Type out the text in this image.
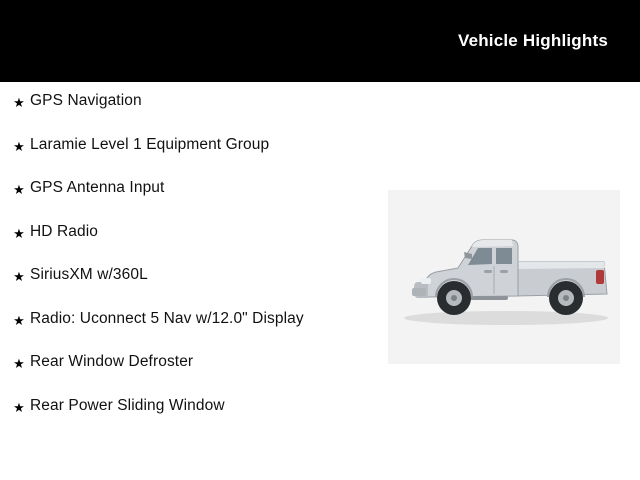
Vehicle Highlights
★ GPS Navigation
★ Laramie Level 1 Equipment Group
★ GPS Antenna Input
★ HD Radio
★ SiriusXM w/360L
★ Radio: Uconnect 5 Nav w/12.0" Display
★ Rear Window Defroster
★ Rear Power Sliding Window
